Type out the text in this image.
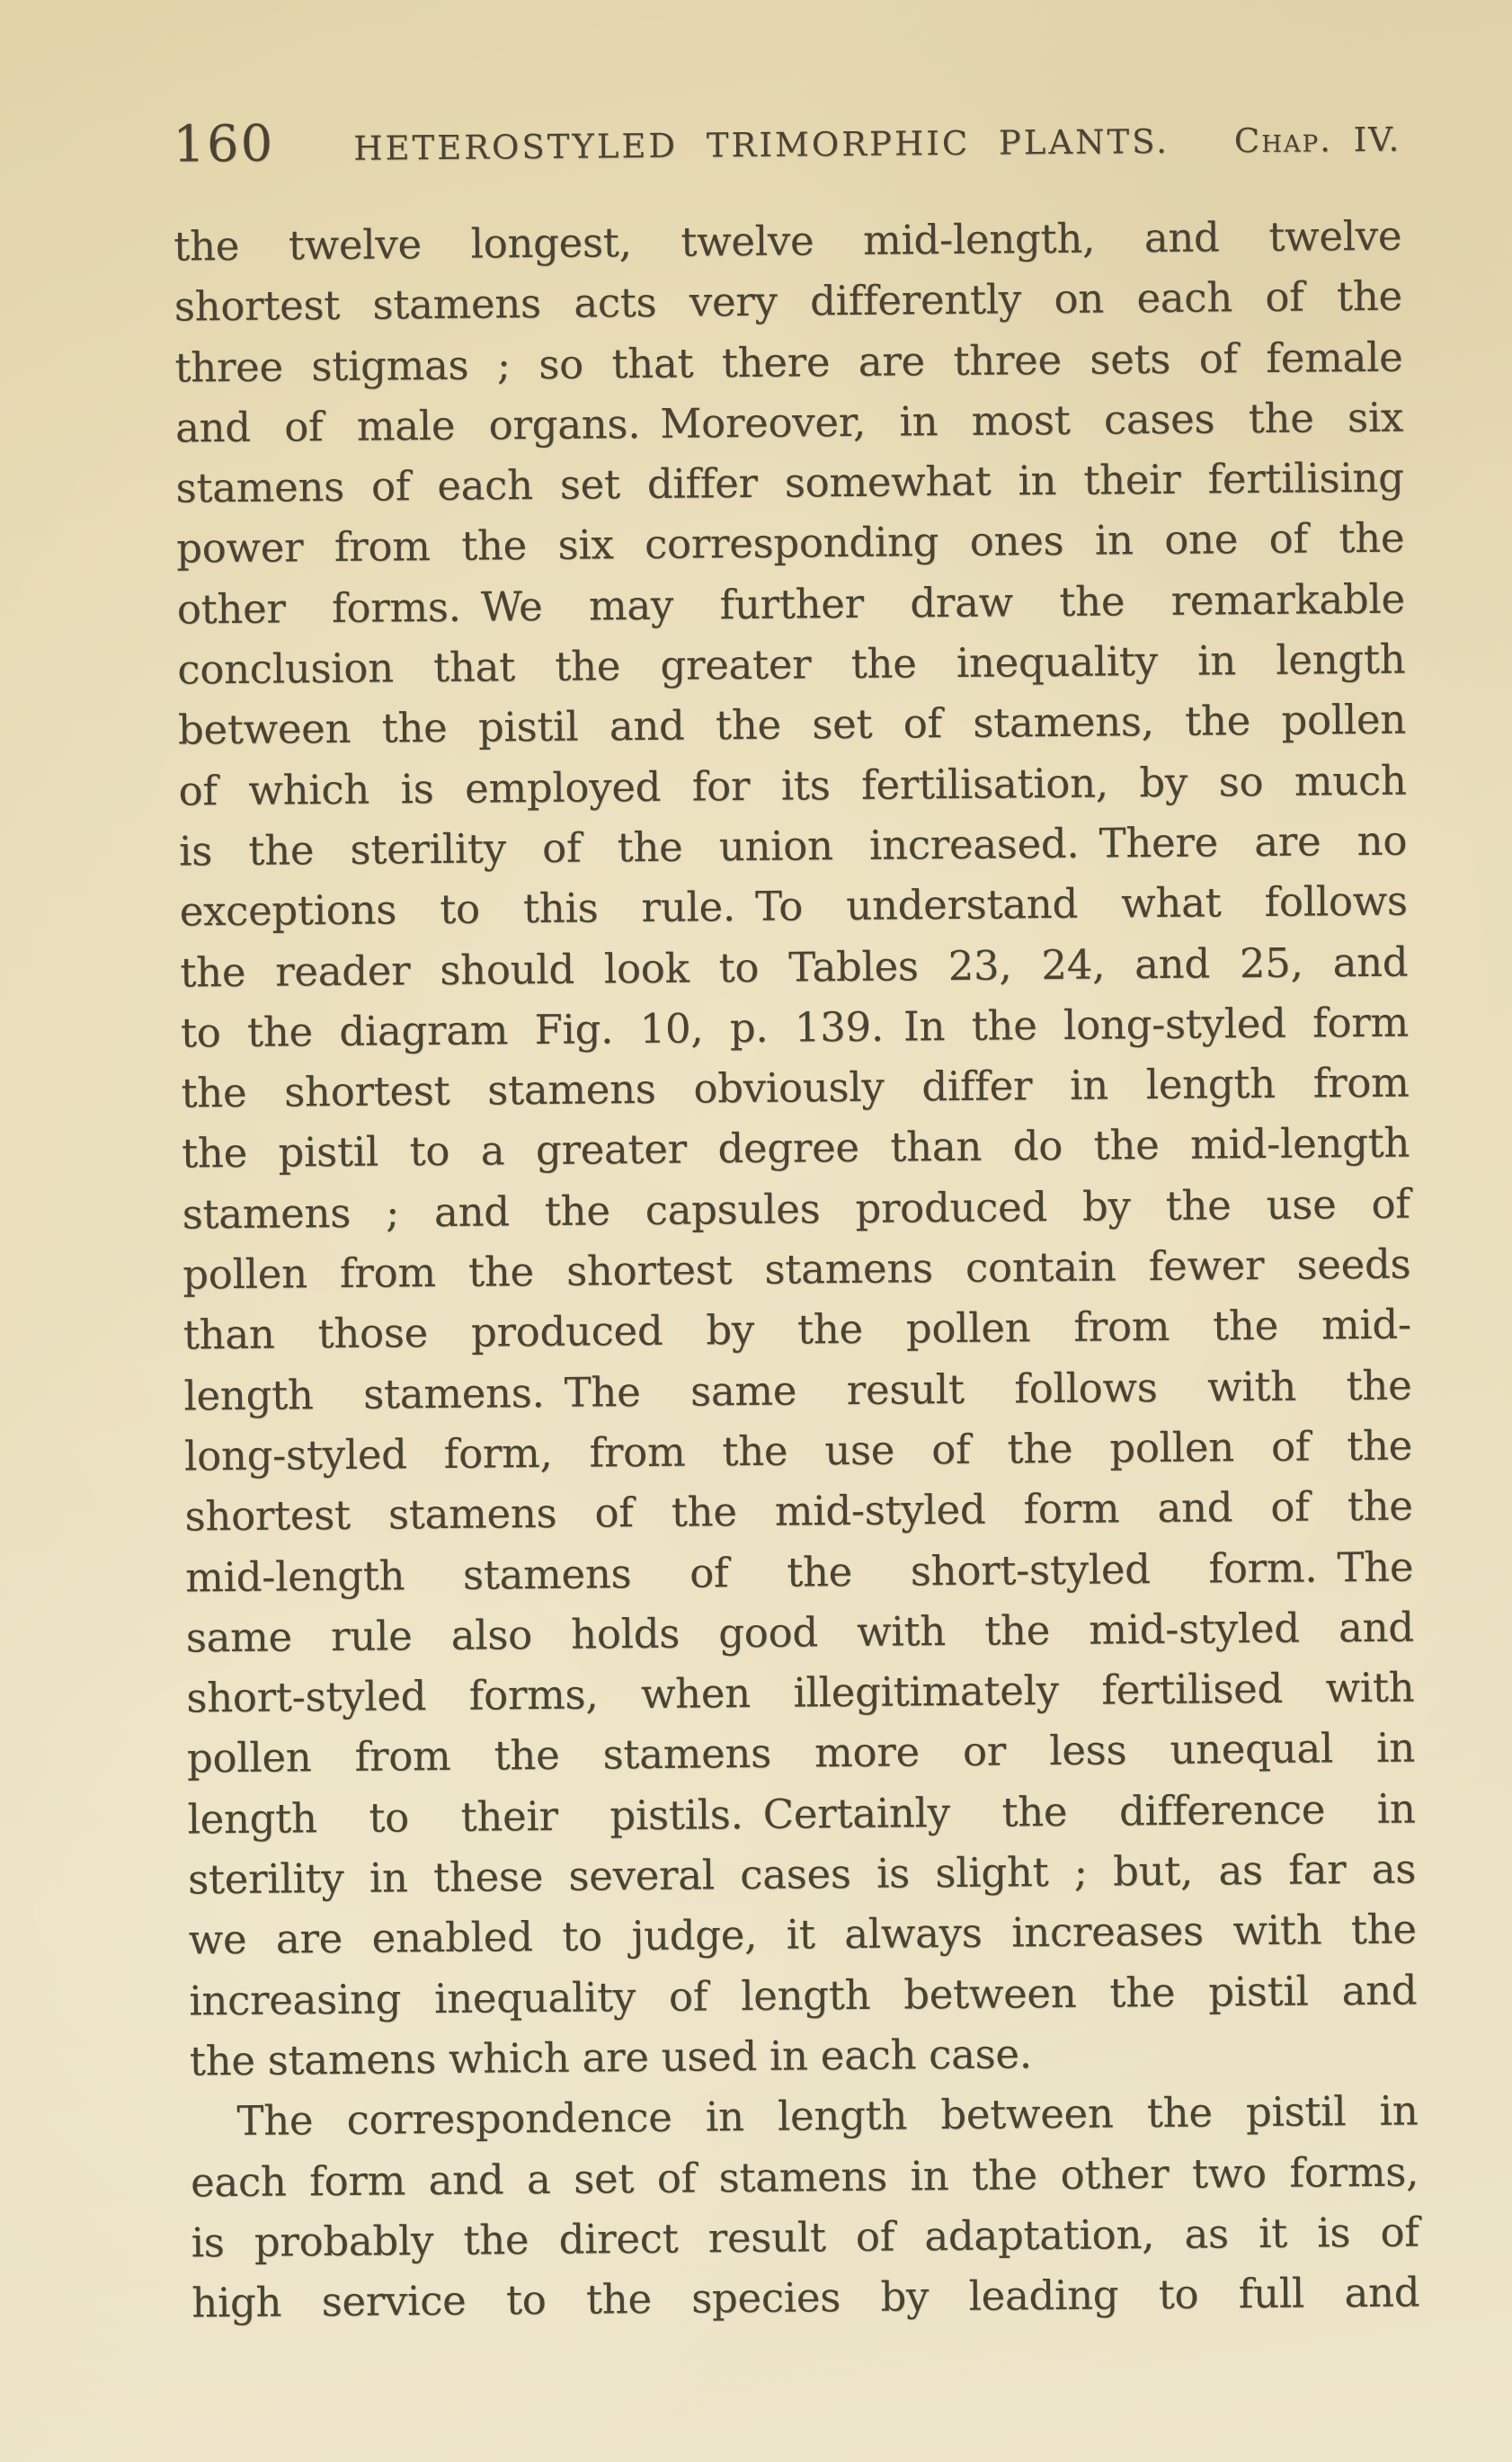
160 HETEROSTYLED TRIMORPHIC PLANTS. Chap. IV.
the twelve longest, twelve mid-length, and twelve
shortest stamens acts very differently on each of the
three stigmas ; so that there are three sets of female
and of male organs. Moreover, in most cases the six
stamens of each set differ somewhat in their fertilising
power from the six corresponding ones in one of the
other forms. We may further draw the remarkable
conclusion that the greater the inequality in length
between the pistil and the set of stamens, the pollen
of which is employed for its fertilisation, by so much
is the sterility of the union increased. There are no
exceptions to this rule. To understand what follows
the reader should look to Tables 23, 24, and 25, and
to the diagram Fig. 10, p. 139. In the long-styled form
the shortest stamens obviously differ in length from
the pistil to a greater degree than do the mid-length
stamens ; and the capsules produced by the use of
pollen from the shortest stamens contain fewer seeds
than those produced by the pollen from the mid-
length stamens. The same result follows with the
long-styled form, from the use of the pollen of the
shortest stamens of the mid-styled form and of the
mid-length stamens of the short-styled form. The
same rule also holds good with the mid-styled and
short-styled forms, when illegitimately fertilised with
pollen from the stamens more or less unequal in
length to their pistils. Certainly the difference in
sterility in these several cases is slight ; but, as far as
we are enabled to judge, it always increases with the
increasing inequality of length between the pistil and
the stamens which are used in each case.
The correspondence in length between the pistil in
each form and a set of stamens in the other two forms,
is probably the direct result of adaptation, as it is of
high service to the species by leading to full and
